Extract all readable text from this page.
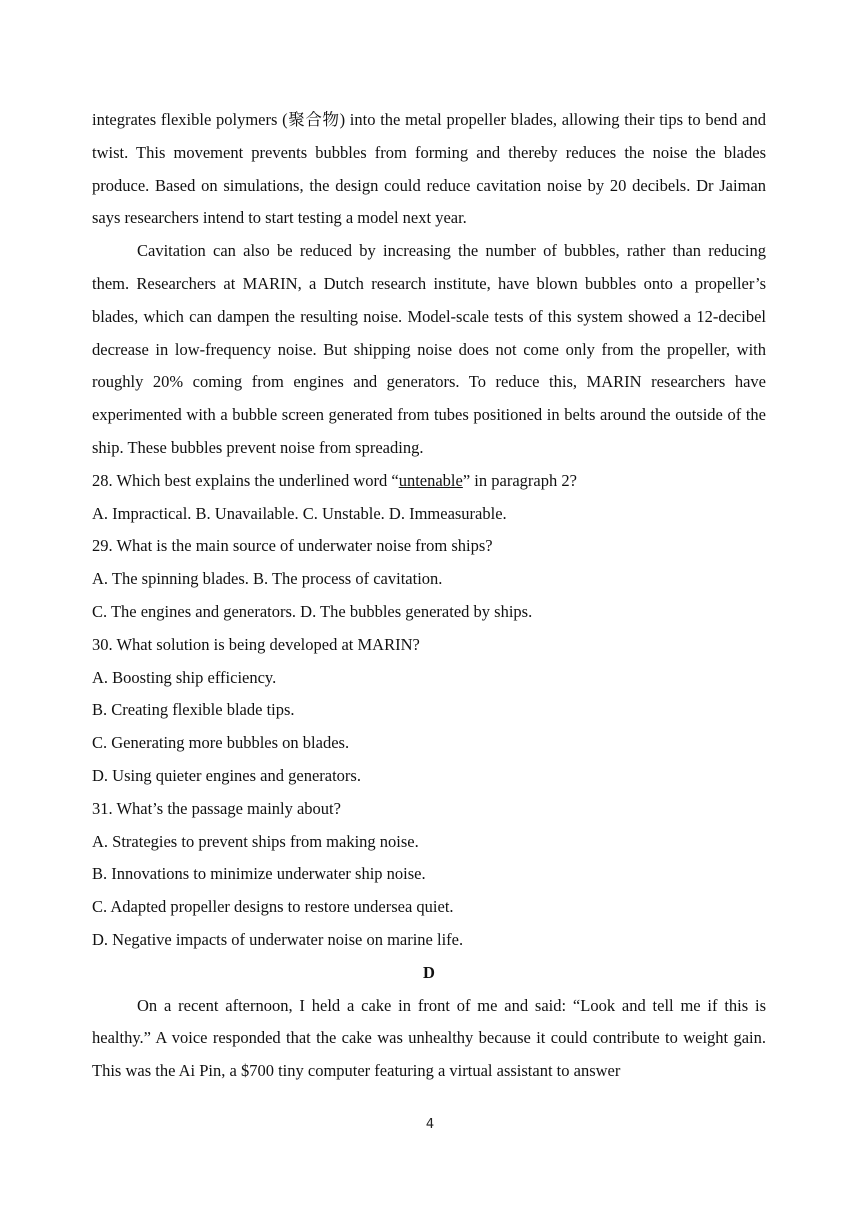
integrates flexible polymers (聚合物) into the metal propeller blades, allowing their tips to bend and twist. This movement prevents bubbles from forming and thereby reduces the noise the blades produce. Based on simulations, the design could reduce cavitation noise by 20 decibels. Dr Jaiman says researchers intend to start testing a model next year.

Cavitation can also be reduced by increasing the number of bubbles, rather than reducing them. Researchers at MARIN, a Dutch research institute, have blown bubbles onto a propeller’s blades, which can dampen the resulting noise. Model-scale tests of this system showed a 12-decibel decrease in low-frequency noise. But shipping noise does not come only from the propeller, with roughly 20% coming from engines and generators. To reduce this, MARIN researchers have experimented with a bubble screen generated from tubes positioned in belts around the outside of the ship. These bubbles prevent noise from spreading.

28. Which best explains the underlined word “untenable” in paragraph 2?

A. Impractical. B. Unavailable. C. Unstable. D. Immeasurable.

29. What is the main source of underwater noise from ships?

A. The spinning blades. B. The process of cavitation.

C. The engines and generators. D. The bubbles generated by ships.

30. What solution is being developed at MARIN?

A. Boosting ship efficiency.

B. Creating flexible blade tips.

C. Generating more bubbles on blades.

D. Using quieter engines and generators.

31. What’s the passage mainly about?

A. Strategies to prevent ships from making noise.

B. Innovations to minimize underwater ship noise.

C. Adapted propeller designs to restore undersea quiet.

D. Negative impacts of underwater noise on marine life.

D

On a recent afternoon, I held a cake in front of me and said: “Look and tell me if this is healthy.” A voice responded that the cake was unhealthy because it could contribute to weight gain. This was the Ai Pin, a $700 tiny computer featuring a virtual assistant to answer

4
